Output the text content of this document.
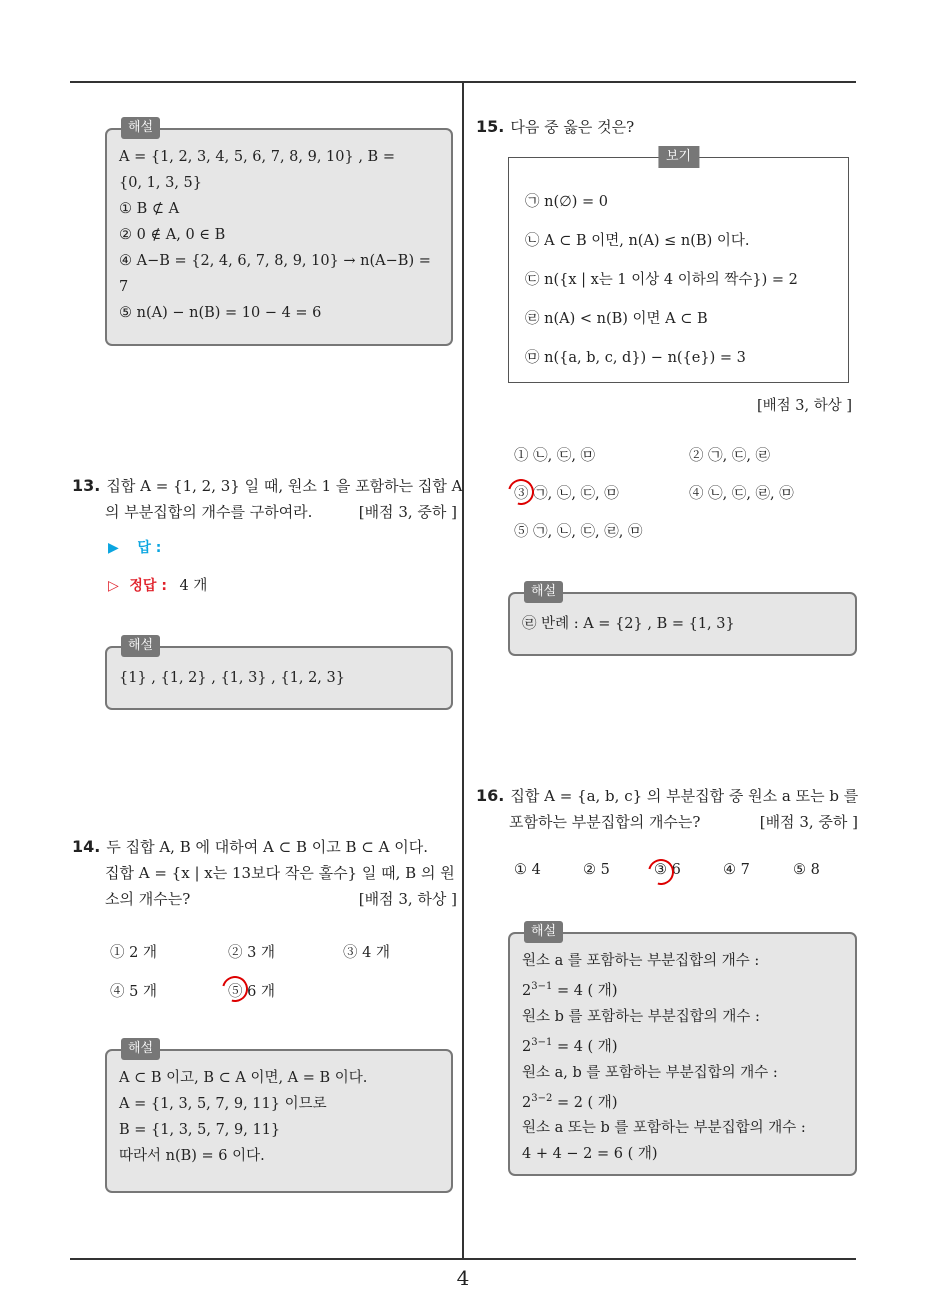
해설
A = {1, 2, 3, 4, 5, 6, 7, 8, 9, 10} , B =
{0, 1, 3, 5}
① B ⊄ A
② 0 ∉ A, 0 ∈ B
④ A−B = {2, 4, 6, 7, 8, 9, 10} → n(A−B) =
7
⑤ n(A) − n(B) = 10 − 4 = 6
13. 집합 A = {1, 2, 3} 일 때, 원소 1 을 포함하는 집합 A
의 부분집합의 개수를 구하여라.	[배점 3, 중하 ]
▶ 답 :
▷ 정답 : 4 개
해설
{1} , {1, 2} , {1, 3} , {1, 2, 3}
14. 두 집합 A, B 에 대하여 A ⊂ B 이고 B ⊂ A 이다.
집합 A = {x | x는 13보다 작은 홀수} 일 때, B 의 원
소의 개수는?	[배점 3, 하상 ]
① 2 개	② 3 개	③ 4 개
④ 5 개	⑤ 6 개
해설
A ⊂ B 이고, B ⊂ A 이면, A = B 이다.
A = {1, 3, 5, 7, 9, 11} 이므로
B = {1, 3, 5, 7, 9, 11}
따라서 n(B) = 6 이다.
15. 다음 중 옳은 것은?
보기
㉠ n(∅) = 0
㉡ A ⊂ B 이면, n(A) ≤ n(B) 이다.
㉢ n({x | x는 1 이상 4 이하의 짝수}) = 2
㉣ n(A) < n(B) 이면 A ⊂ B
㉤ n({a, b, c, d}) − n({e}) = 3
[배점 3, 하상 ]
① ㉡, ㉢, ㉤	② ㉠, ㉢, ㉣
③ ㉠, ㉡, ㉢, ㉤	④ ㉡, ㉢, ㉣, ㉤
⑤ ㉠, ㉡, ㉢, ㉣, ㉤
해설
㉣ 반례 : A = {2} , B = {1, 3}
16. 집합 A = {a, b, c} 의 부분집합 중 원소 a 또는 b 를
포함하는 부분집합의 개수는?	[배점 3, 중하 ]
① 4	② 5	③ 6	④ 7	⑤ 8
해설
원소 a 를 포함하는 부분집합의 개수 :
$2^{3-1} = 4$ ( 개)
원소 b 를 포함하는 부분집합의 개수 :
$2^{3-1} = 4$ ( 개)
원소 a, b 를 포함하는 부분집합의 개수 :
$2^{3-2} = 2$ ( 개)
원소 a 또는 b 를 포함하는 부분집합의 개수 :
4 + 4 − 2 = 6 ( 개)
4
